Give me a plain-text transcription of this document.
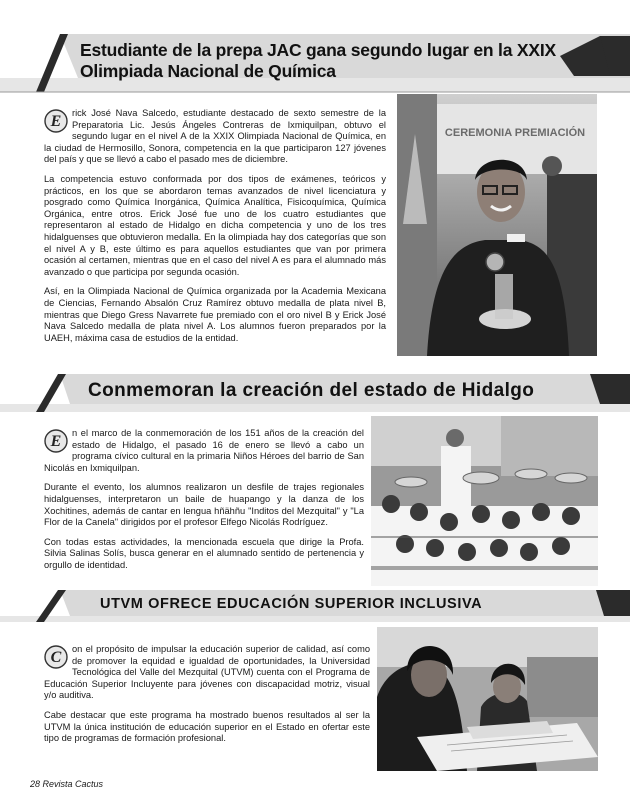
Estudiante de la prepa JAC gana segundo lugar en la XXIX Olimpiada Nacional de Química

E rick José Nava Salcedo, estudiante destacado de sexto semestre de la Preparatoria Lic. Jesús Ángeles Contreras de Ixmiquilpan, obtuvo el segundo lugar en el nivel A de la XXIX Olimpiada Nacional de Química, en la ciudad de Hermosillo, Sonora, competencia en la que participaron 127 jóvenes del país y que se llevó a cabo el pasado mes de diciembre.

La competencia estuvo conformada por dos tipos de exámenes, teóricos y prácticos, en los que se abordaron temas avanzados de nivel licenciatura y posgrado como Química Inorgánica, Química Analítica, Fisicoquímica, Química Orgánica, entre otros. Erick José fue uno de los cuatro estudiantes que representaron al estado de Hidalgo en dicha competencia y uno de los tres hidalguenses que obtuvieron medalla. En la olimpiada hay dos categorías que son el nivel A y B, este último es para aquellos estudiantes que van por primera ocasión al certamen, mientras que en el caso del nivel A es para el alumnado más avanzado o que participa por segunda ocasión.

Así, en la Olimpiada Nacional de Química organizada por la Academia Mexicana de Ciencias, Fernando Absalón Cruz Ramírez obtuvo medalla de plata nivel B, mientras que Diego Gress Navarrete fue premiado con el oro nivel B y Erick José Nava Salcedo medalla de plata nivel A. Los alumnos fueron preparados por la UAEH, máxima casa de estudios de la entidad.

CEREMONIA PREMIACIÓN
Conmemoran la creación del estado de Hidalgo

E n el marco de la conmemoración de los 151 años de la creación del estado de Hidalgo, el pasado 16 de enero se llevó a cabo un programa cívico cultural en la primaria Niños Héroes del barrio de San Nicolás en Ixmiquilpan.

Durante el evento, los alumnos realizaron un desfile de trajes regionales hidalguenses, interpretaron un baile de huapango y la danza de los Xochitines, además de cantar en lengua hñähñu "Inditos del Mezquital" y "La Flor de la Canela" dirigidos por el profesor Elfego Nicolás Rodríguez.

Con todas estas actividades, la mencionada escuela que dirige la Profa. Silvia Salinas Solís, busca generar en el alumnado sentido de pertenencia y orgullo de identidad.

UTVM OFRECE EDUCACIÓN SUPERIOR INCLUSIVA

C on el propósito de impulsar la educación superior de calidad, así como de promover la equidad e igualdad de oportunidades, la Universidad Tecnológica del Valle del Mezquital (UTVM) cuenta con el Programa de Educación Superior Incluyente para jóvenes con discapacidad motriz, visual y/o auditiva.

Cabe destacar que este programa ha mostrado buenos resultados al ser la UTVM la única institución de educación superior en el Estado en ofertar este tipo de programas de formación profesional.

28 Revista Cactus
